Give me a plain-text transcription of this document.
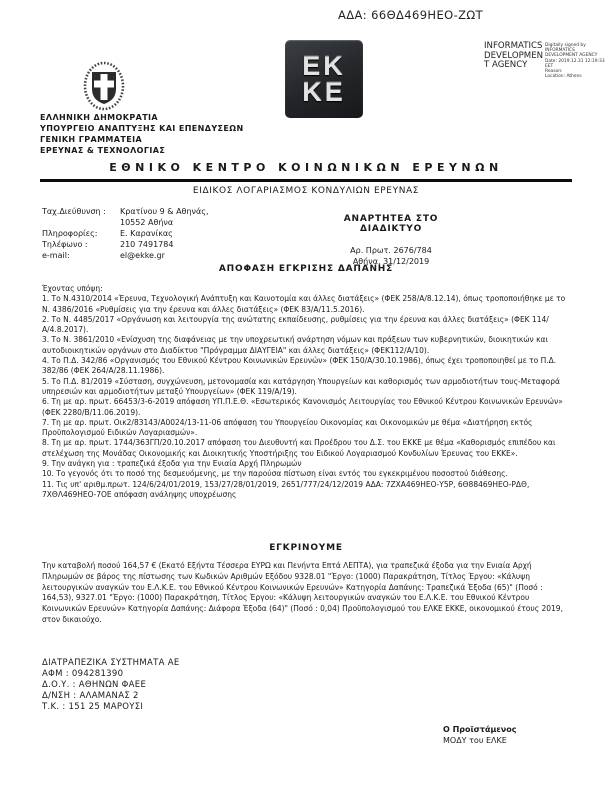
ΑΔΑ: 66ΘΔ469ΗΕΟ-ΖΩΤ
ΕΛΛΗΝΙΚΗ ΔΗΜΟΚΡΑΤΙΑ
ΥΠΟΥΡΓΕΙΟ ΑΝΑΠΤΥΞΗΣ ΚΑΙ ΕΠΕΝΔΥΣΕΩΝ
ΓΕΝΙΚΗ ΓΡΑΜΜΑΤΕΙΑ
ΕΡΕΥΝΑΣ & ΤΕΧΝΟΛΟΓΙΑΣ
EK
KE
INFORMATICS
DEVELOPMEN
T AGENCY
Digitally signed by
INFORMATICS
DEVELOPMENT AGENCY
Date: 2019.12.31 12:19:33
EET
Reason:
Location: Athens
ΕΘΝΙΚΟ ΚΕΝΤΡΟ ΚΟΙΝΩΝΙΚΩΝ ΕΡΕΥΝΩΝ
ΕΙΔΙΚΟΣ ΛΟΓΑΡΙΑΣΜΟΣ ΚΟΝΔΥΛΙΩΝ ΕΡΕΥΝΑΣ
Ταχ.Διεύθυνση :	Κρατίνου 9 & Αθηνάς,
10552 Αθήνα
Πληροφορίες:	Ε. Καρανίκας
Τηλέφωνο :	210 7491784
e-mail:	el@ekke.gr
ΑΝΑΡΤΗΤΕΑ ΣΤΟ ΔΙΑΔΙΚΤΥΟ
Αρ. Πρωτ. 2676/784
Αθήνα, 31/12/2019
ΑΠΟΦΑΣΗ ΕΓΚΡΙΣΗΣ ΔΑΠΑΝΗΣ
Έχοντας υπόψη:
1. Το Ν.4310/2014 «Έρευνα, Τεχνολογική Ανάπτυξη και Καινοτομία και άλλες διατάξεις» (ΦΕΚ 258/Α/8.12.14), όπως τροποποιήθηκε με το Ν. 4386/2016 «Ρυθμίσεις για την έρευνα και άλλες διατάξεις» (ΦΕΚ 83/Α/11.5.2016).
2. Το Ν. 4485/2017 «Οργάνωση και λειτουργία της ανώτατης εκπαίδευσης, ρυθμίσεις για την έρευνα και άλλες διατάξεις» (ΦΕΚ 114/Α/4.8.2017).
3. Το Ν. 3861/2010 «Ενίσχυση της διαφάνειας με την υποχρεωτική ανάρτηση νόμων και πράξεων των κυβερνητικών, διοικητικών και αυτοδιοικητικών οργάνων στο Διαδίκτυο "Πρόγραμμα ΔΙΑΥΓΕΙΑ" και άλλες διατάξεις» (ΦΕΚ112/Α/10).
4. Το Π.Δ. 342/86 «Οργανισμός του Εθνικού Κέντρου Κοινωνικών Ερευνών» (ΦΕΚ 150/Α/30.10.1986), όπως έχει τροποποιηθεί με το Π.Δ. 382/86 (ΦΕΚ 264/Α/28.11.1986).
5. Το Π.Δ. 81/2019 «Σύσταση, συγχώνευση, μετονομασία και κατάργηση Υπουργείων και καθορισμός των αρμοδιοτήτων τους-Μεταφορά υπηρεσιών και αρμοδιοτήτων μεταξύ Υπουργείων» (ΦΕΚ 119/Α/19).
6. Τη με αρ. πρωτ. 66453/3-6-2019 απόφαση ΥΠ.Π.Ε.Θ. «Εσωτερικός Κανονισμός Λειτουργίας του Εθνικού Κέντρου Κοινωνικών Ερευνών» (ΦΕΚ 2280/Β/11.06.2019).
7. Τη με αρ. πρωτ. Οικ2/83143/Α0024/13-11-06 απόφαση του Υπουργείου Οικονομίας και Οικονομικών με θέμα «Διατήρηση εκτός Προϋπολογισμού Ειδικών Λογαριασμών».
8. Τη με αρ. πρωτ. 1744/363ΓΠ/20.10.2017 απόφαση του Διευθυντή και Προέδρου του Δ.Σ. του ΕΚΚΕ με θέμα «Καθορισμός επιπέδου και στελέχωση της Μονάδας Οικονομικής και Διοικητικής Υποστήριξης του Ειδικού Λογαριασμού Κονδυλίων Έρευνας του ΕΚΚΕ».
9. Την ανάγκη για : τραπεζικά έξοδα για την Ενιαία Αρχή Πληρωμών
10. Το γεγονός ότι το ποσό της δεσμευόμενης, με την παρούσα πίστωση είναι εντός του εγκεκριμένου ποσοστού διάθεσης.
11. Τις υπ' αριθμ.πρωτ. 124/6/24/01/2019, 153/27/28/01/2019, 2651/777/24/12/2019 ΑΔΑ: 7ΖΧΑ469ΗΕΟ-Υ5Ρ, 6Θ88469ΗΕΟ-ΡΔΘ, 7ΧΘΛ469ΗΕΟ-7ΟΕ απόφαση ανάληψης υποχρέωσης
ΕΓΚΡΙΝΟΥΜΕ
Την καταβολή ποσού 164,57 € (Εκατό Εξήντα Τέσσερα ΕΥΡΩ και Πενήντα Επτά ΛΕΠΤΑ), για τραπεζικά έξοδα για την Ενιαία Αρχή Πληρωμών σε βάρος της πίστωσης των Κωδικών Αριθμών Εξόδου 9328.01 "Έργο: (1000) Παρακράτηση, Τίτλος Έργου: «Κάλυψη λειτουργικών αναγκών του Ε.Λ.Κ.Ε. του Εθνικού Κέντρου Κοινωνικών Ερευνών» Κατηγορία Δαπάνης: Τραπεζικά Έξοδα (65)" (Ποσό : 164,53), 9327.01 "Έργο: (1000) Παρακράτηση, Τίτλος Έργου: «Κάλυψη λειτουργικών αναγκών του Ε.Λ.Κ.Ε. του Εθνικού Κέντρου Κοινωνικών Ερευνών» Κατηγορία Δαπάνης: Διάφορα Έξοδα (64)" (Ποσό : 0,04) Προϋπολογισμού του ΕΛΚΕ ΕΚΚΕ, οικονομικού έτους 2019, στον δικαιούχο.
ΔΙΑΤΡΑΠΕΖΙΚΑ ΣΥΣΤΗΜΑΤΑ ΑΕ
ΑΦΜ : 094281390
Δ.Ο.Υ. : ΑΘΗΝΩΝ ΦΑΕΕ
Δ/ΝΣΗ : ΑΛΑΜΑΝΑΣ 2
Τ.Κ. : 151 25 ΜΑΡΟΥΣΙ
Ο Προϊστάμενος
ΜΟΔΥ του ΕΛΚΕ
